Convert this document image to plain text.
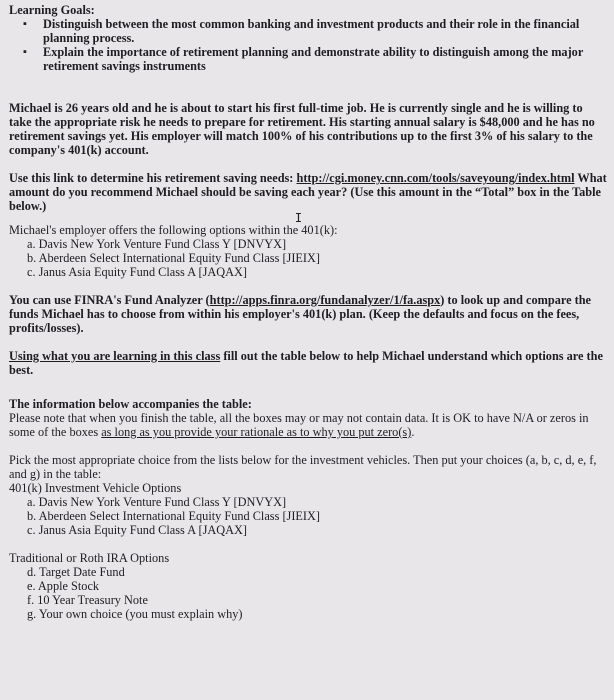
Learning Goals:
▪ Distinguish between the most common banking and investment products and their role in the financial planning process.
▪ Explain the importance of retirement planning and demonstrate ability to distinguish among the major retirement savings instruments

Michael is 26 years old and he is about to start his first full-time job. He is currently single and he is willing to take the appropriate risk he needs to prepare for retirement. His starting annual salary is $48,000 and he has no retirement savings yet. His employer will match 100% of his contributions up to the first 3% of his salary to the company's 401(k) account.

Use this link to determine his retirement saving needs: http://cgi.money.cnn.com/tools/saveyoung/index.html What amount do you recommend Michael should be saving each year? (Use this amount in the “Total” box in the Table below.)

I

Michael's employer offers the following options within the 401(k):

a. Davis New York Venture Fund Class Y [DNVYX]
b. Aberdeen Select International Equity Fund Class [JIEIX]
c. Janus Asia Equity Fund Class A [JAQAX]

You can use FINRA's Fund Analyzer (http://apps.finra.org/fundanalyzer/1/fa.aspx) to look up and compare the funds Michael has to choose from within his employer's 401(k) plan. (Keep the defaults and focus on the fees, profits/losses).

Using what you are learning in this class fill out the table below to help Michael understand which options are the best.

The information below accompanies the table:

Please note that when you finish the table, all the boxes may or may not contain data. It is OK to have N/A or zeros in some of the boxes as long as you provide your rationale as to why you put zero(s).

Pick the most appropriate choice from the lists below for the investment vehicles. Then put your choices (a, b, c, d, e, f, and g) in the table:

401(k) Investment Vehicle Options

a. Davis New York Venture Fund Class Y [DNVYX]
b. Aberdeen Select International Equity Fund Class [JIEIX]
c. Janus Asia Equity Fund Class A [JAQAX]

Traditional or Roth IRA Options

d. Target Date Fund
e. Apple Stock
f. 10 Year Treasury Note
g. Your own choice (you must explain why)
